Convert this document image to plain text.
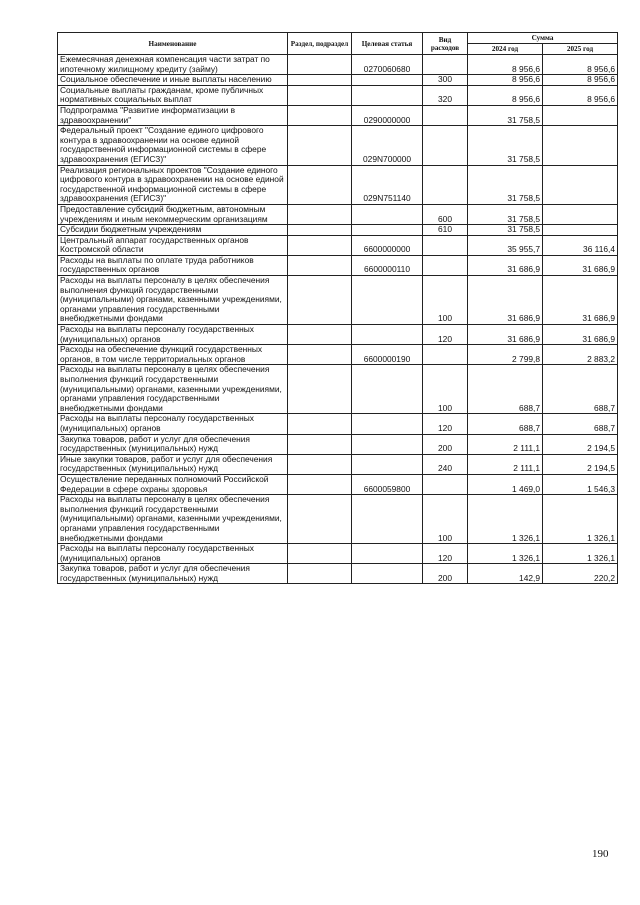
Наименование	Раздел, подраздел	Целевая статья	Вид расходов	Сумма	
				2024 год	2025 год
Ежемесячная денежная компенсация части затрат по ипотечному жилищному кредиту (займу)		0270060680		8 956,6	8 956,6
Социальное обеспечение и иные выплаты населению			300	8 956,6	8 956,6
Социальные выплаты гражданам, кроме публичных нормативных социальных выплат			320	8 956,6	8 956,6
Подпрограмма "Развитие информатизации в здравоохранении"		0290000000		31 758,5	
Федеральный проект "Создание единого цифрового контура в здравоохранении на основе единой государственной информационной системы в сфере здравоохранения (ЕГИСЗ)"		029N700000		31 758,5	
Реализация региональных проектов "Создание единого цифрового контура в здравоохранении на основе единой государственной информационной системы в сфере здравоохранения (ЕГИСЗ)"		029N751140		31 758,5	
Предоставление субсидий бюджетным, автономным учреждениям и иным некоммерческим организациям			600	31 758,5	
Субсидии бюджетным учреждениям			610	31 758,5	
Центральный аппарат государственных органов Костромской области		6600000000		35 955,7	36 116,4
Расходы на выплаты по оплате труда работников государственных органов		6600000110		31 686,9	31 686,9
Расходы на выплаты персоналу в целях обеспечения выполнения функций государственными (муниципальными) органами, казенными учреждениями, органами управления государственными внебюджетными фондами			100	31 686,9	31 686,9
Расходы на выплаты персоналу государственных (муниципальных) органов			120	31 686,9	31 686,9
Расходы на обеспечение функций государственных органов, в том числе территориальных органов		6600000190		2 799,8	2 883,2
Расходы на выплаты персоналу в целях обеспечения выполнения функций государственными (муниципальными) органами, казенными учреждениями, органами управления государственными внебюджетными фондами			100	688,7	688,7
Расходы на выплаты персоналу государственных (муниципальных) органов			120	688,7	688,7
Закупка товаров, работ и услуг для обеспечения государственных (муниципальных) нужд			200	2 111,1	2 194,5
Иные закупки товаров, работ и услуг для обеспечения государственных (муниципальных) нужд			240	2 111,1	2 194,5
Осуществление переданных полномочий Российской Федерации в сфере охраны здоровья		6600059800		1 469,0	1 546,3
Расходы на выплаты персоналу в целях обеспечения выполнения функций государственными (муниципальными) органами, казенными учреждениями, органами управления государственными внебюджетными фондами			100	1 326,1	1 326,1
Расходы на выплаты персоналу государственных (муниципальных) органов			120	1 326,1	1 326,1
Закупка товаров, работ и услуг для обеспечения государственных (муниципальных) нужд			200	142,9	220,2
190
